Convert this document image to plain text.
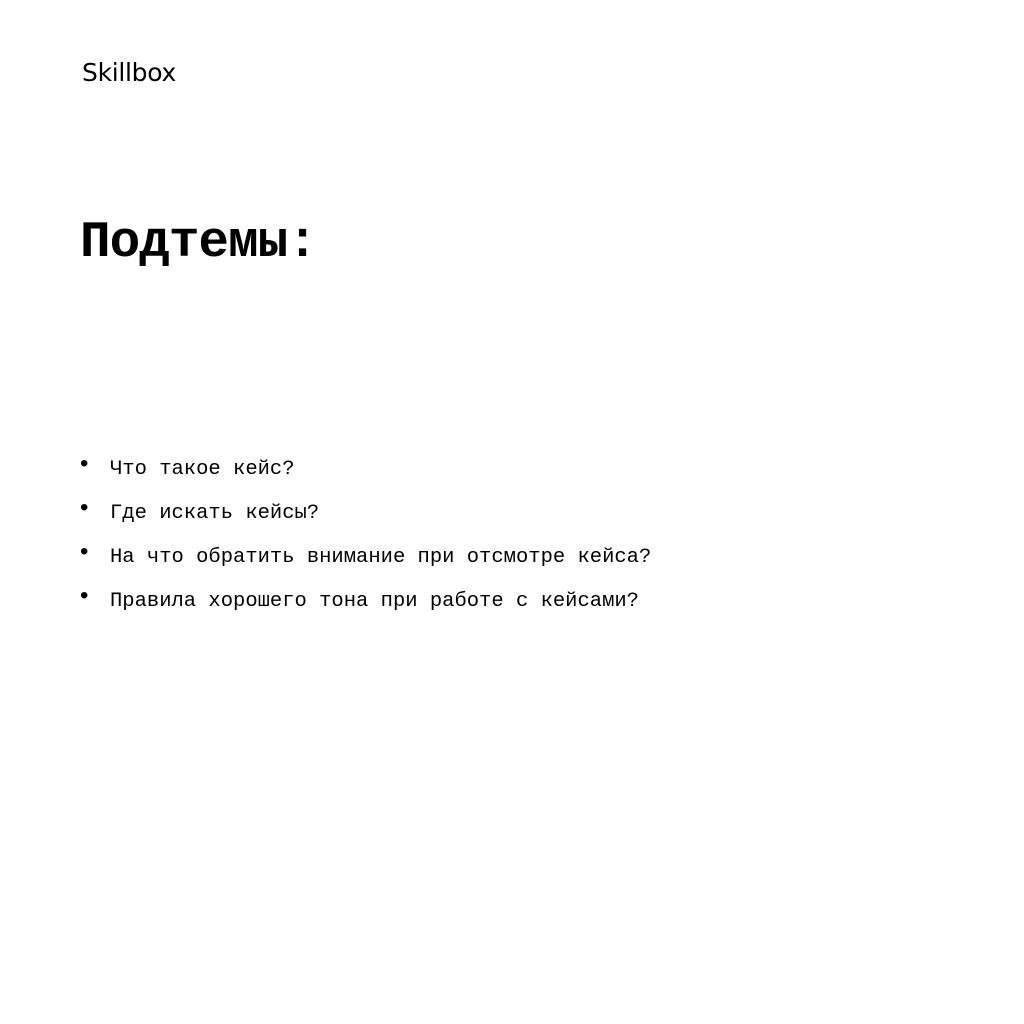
Skillbox
Подтемы:
•	Что такое кейс?
•	Где искать кейсы?
•	На что обратить внимание при отсмотре кейса?
•	Правила хорошего тона при работе с кейсами?
